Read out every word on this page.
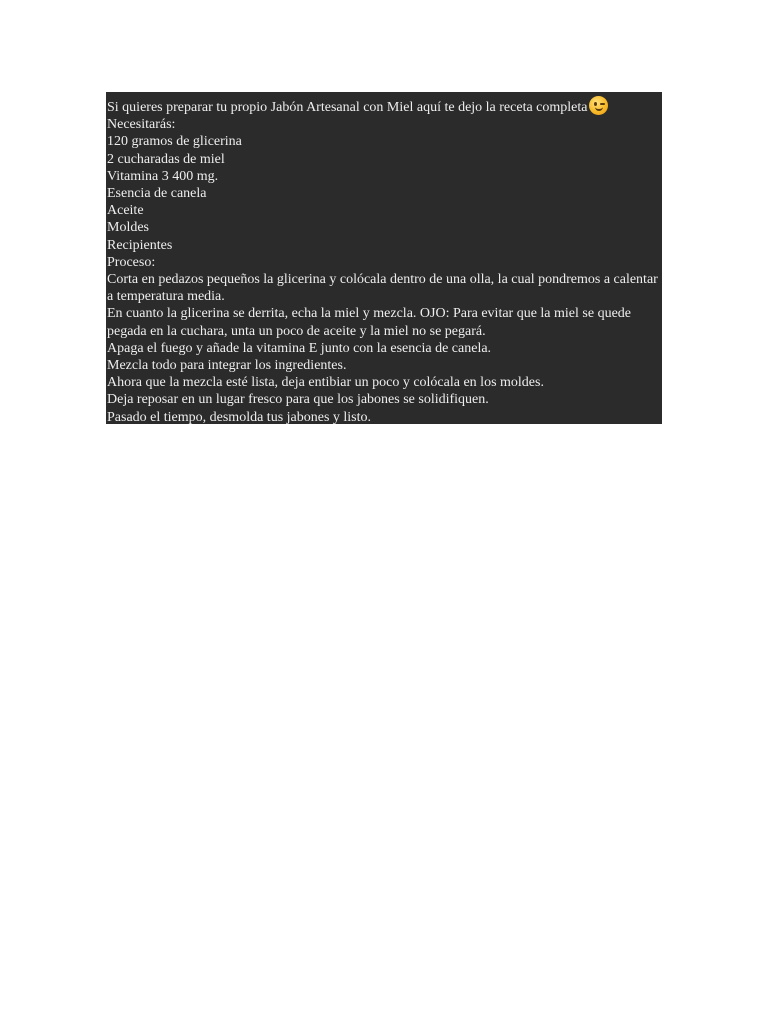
Si quieres preparar tu propio Jabón Artesanal con Miel aquí te dejo la receta completa
Necesitarás:
120 gramos de glicerina
2 cucharadas de miel
Vitamina 3 400 mg.
Esencia de canela
Aceite
Moldes
Recipientes
Proceso:
Corta en pedazos pequeños la glicerina y colócala dentro de una olla, la cual pondremos a calentar a temperatura media.
En cuanto la glicerina se derrita, echa la miel y mezcla. OJO: Para evitar que la miel se quede pegada en la cuchara, unta un poco de aceite y la miel no se pegará.
Apaga el fuego y añade la vitamina E junto con la esencia de canela.
Mezcla todo para integrar los ingredientes.
Ahora que la mezcla esté lista, deja entibiar un poco y colócala en los moldes.
Deja reposar en un lugar fresco para que los jabones se solidifiquen.
Pasado el tiempo, desmolda tus jabones y listo.
